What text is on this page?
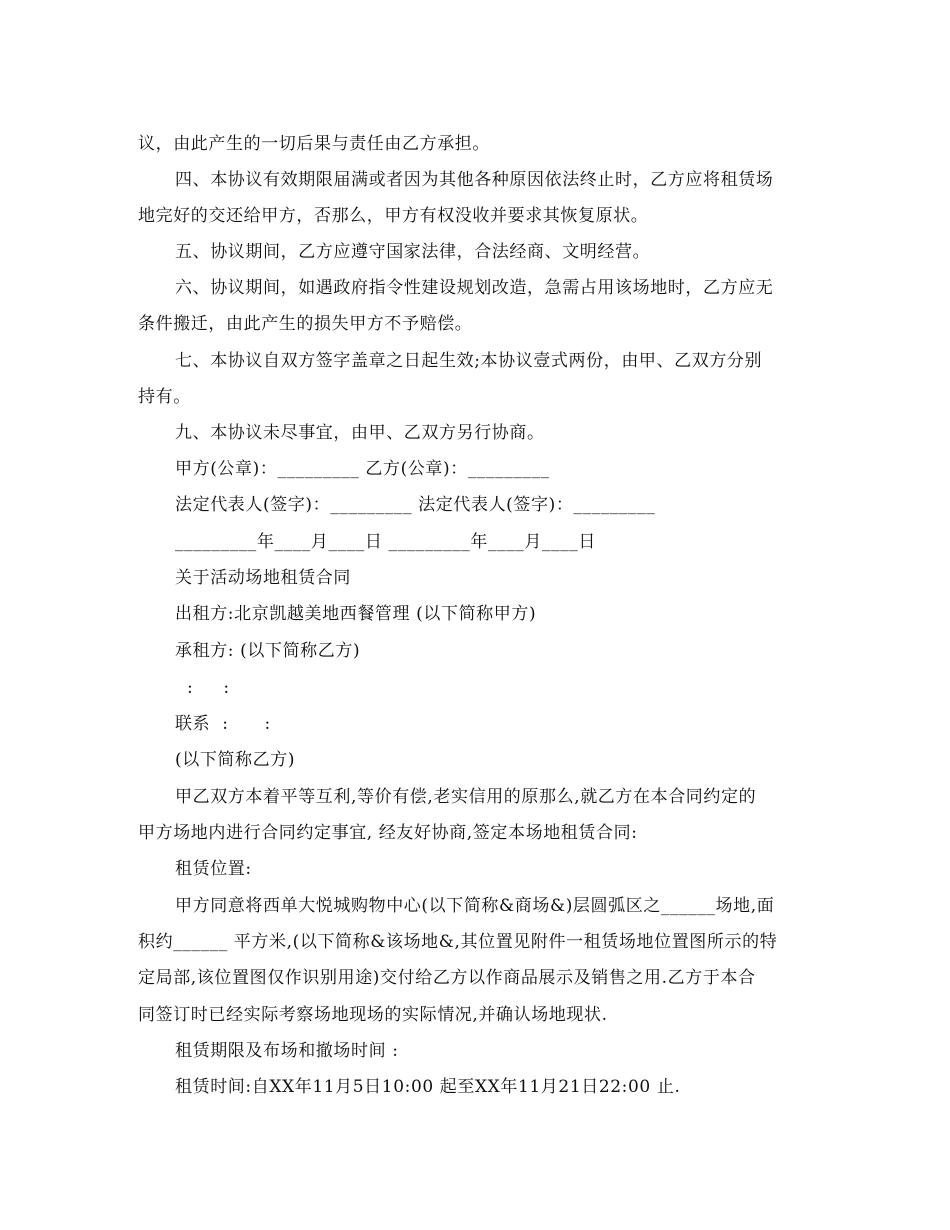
议，由此产生的一切后果与责任由乙方承担。
四、本协议有效期限届满或者因为其他各种原因依法终止时，乙方应将租赁场
地完好的交还给甲方，否那么，甲方有权没收并要求其恢复原状。
五、协议期间，乙方应遵守国家法律，合法经商、文明经营。
六、协议期间，如遇政府指令性建设规划改造，急需占用该场地时，乙方应无
条件搬迁，由此产生的损失甲方不予赔偿。
七、本协议自双方签字盖章之日起生效;本协议壹式两份，由甲、乙双方分别
持有。
九、本协议未尽事宜，由甲、乙双方另行协商。
甲方(公章)：_________ 乙方(公章)：_________
法定代表人(签字)：_________ 法定代表人(签字)：_________
_________年____月____日 _________年____月____日
关于活动场地租赁合同
出租方:北京凯越美地西餐管理 (以下简称甲方)
承租方: (以下简称乙方)
:     :
联系  :      :
(以下简称乙方)
甲乙双方本着平等互利,等价有偿,老实信用的原那么,就乙方在本合同约定的
甲方场地内进行合同约定事宜, 经友好协商,签定本场地租赁合同:
租赁位置:
甲方同意将西单大悦城购物中心(以下简称&商场&)层圆弧区之______场地,面
积约______ 平方米,(以下简称&该场地&,其位置见附件一租赁场地位置图所示的特
定局部,该位置图仅作识别用途)交付给乙方以作商品展示及销售之用.乙方于本合
同签订时已经实际考察场地现场的实际情况,并确认场地现状.
租赁期限及布场和撤场时间 :
租赁时间:自XX年11月5日10:00 起至XX年11月21日22:00 止.
